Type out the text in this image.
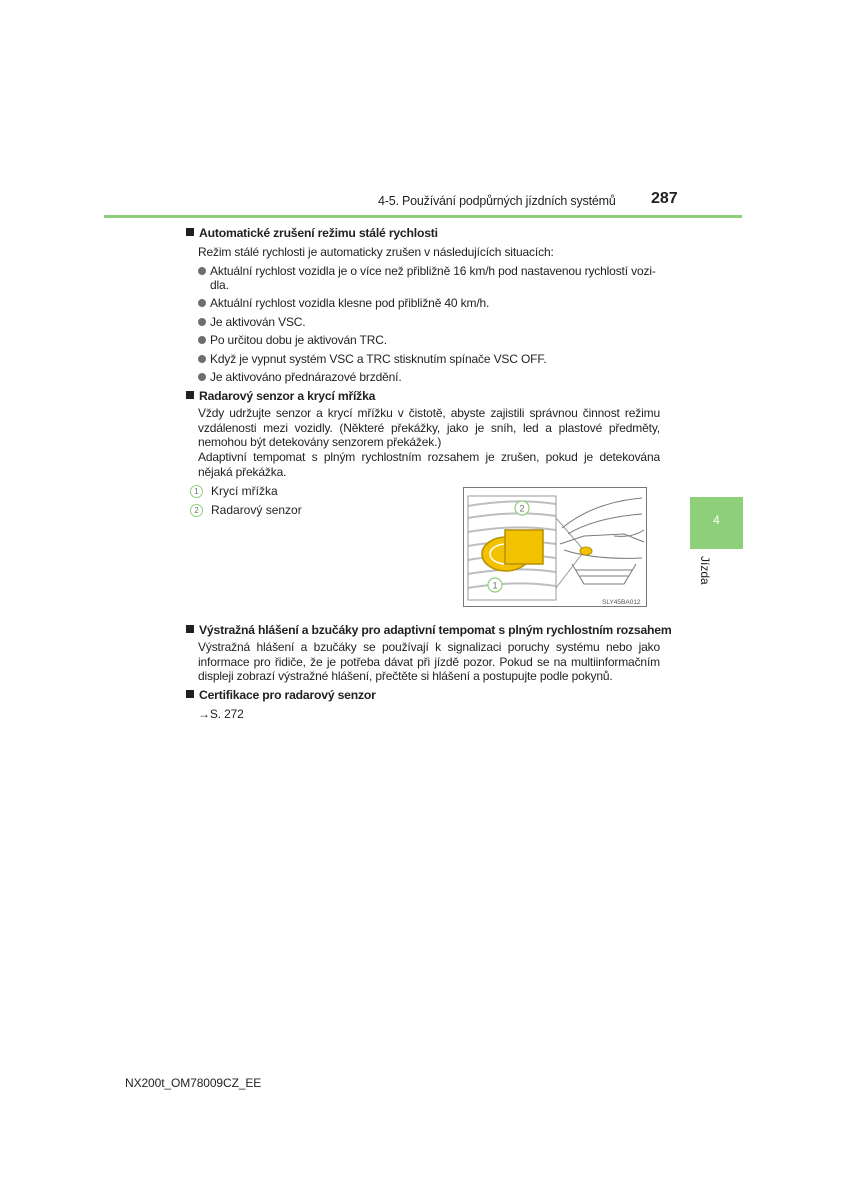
4-5. Používání podpůrných jízdních systémů 287
4
Jízda
Automatické zrušení režimu stálé rychlosti
Režim stálé rychlosti je automaticky zrušen v následujících situacích:
Aktuální rychlost vozidla je o více než přibližně 16 km/h pod nastavenou rychlostí vozi-
dla.
Aktuální rychlost vozidla klesne pod přibližně 40 km/h.
Je aktivován VSC.
Po určitou dobu je aktivován TRC.
Když je vypnut systém VSC a TRC stisknutím spínače VSC OFF.
Je aktivováno přednárazové brzdění.
Radarový senzor a krycí mřížka
Vždy udržujte senzor a krycí mřížku v čistotě, abyste zajistili správnou činnost režimu vzdálenosti mezi vozidly. (Některé překážky, jako je sníh, led a plastové předměty, nemohou být detekovány senzorem překážek.)
Adaptivní tempomat s plným rychlostním rozsahem je zrušen, pokud je detekována nějaká překážka.
1 Krycí mřížka
2 Radarový senzor	2
1
SLY45BA012
Výstražná hlášení a bzučáky pro adaptivní tempomat s plným rychlostním rozsahem
Výstražná hlášení a bzučáky se používají k signalizaci poruchy systému nebo jako informace pro řidiče, že je potřeba dávat při jízdě pozor. Pokud se na multiinformačním displeji zobrazí výstražné hlášení, přečtěte si hlášení a postupujte podle pokynů.
Certifikace pro radarový senzor
→S. 272
NX200t_OM78009CZ_EE
